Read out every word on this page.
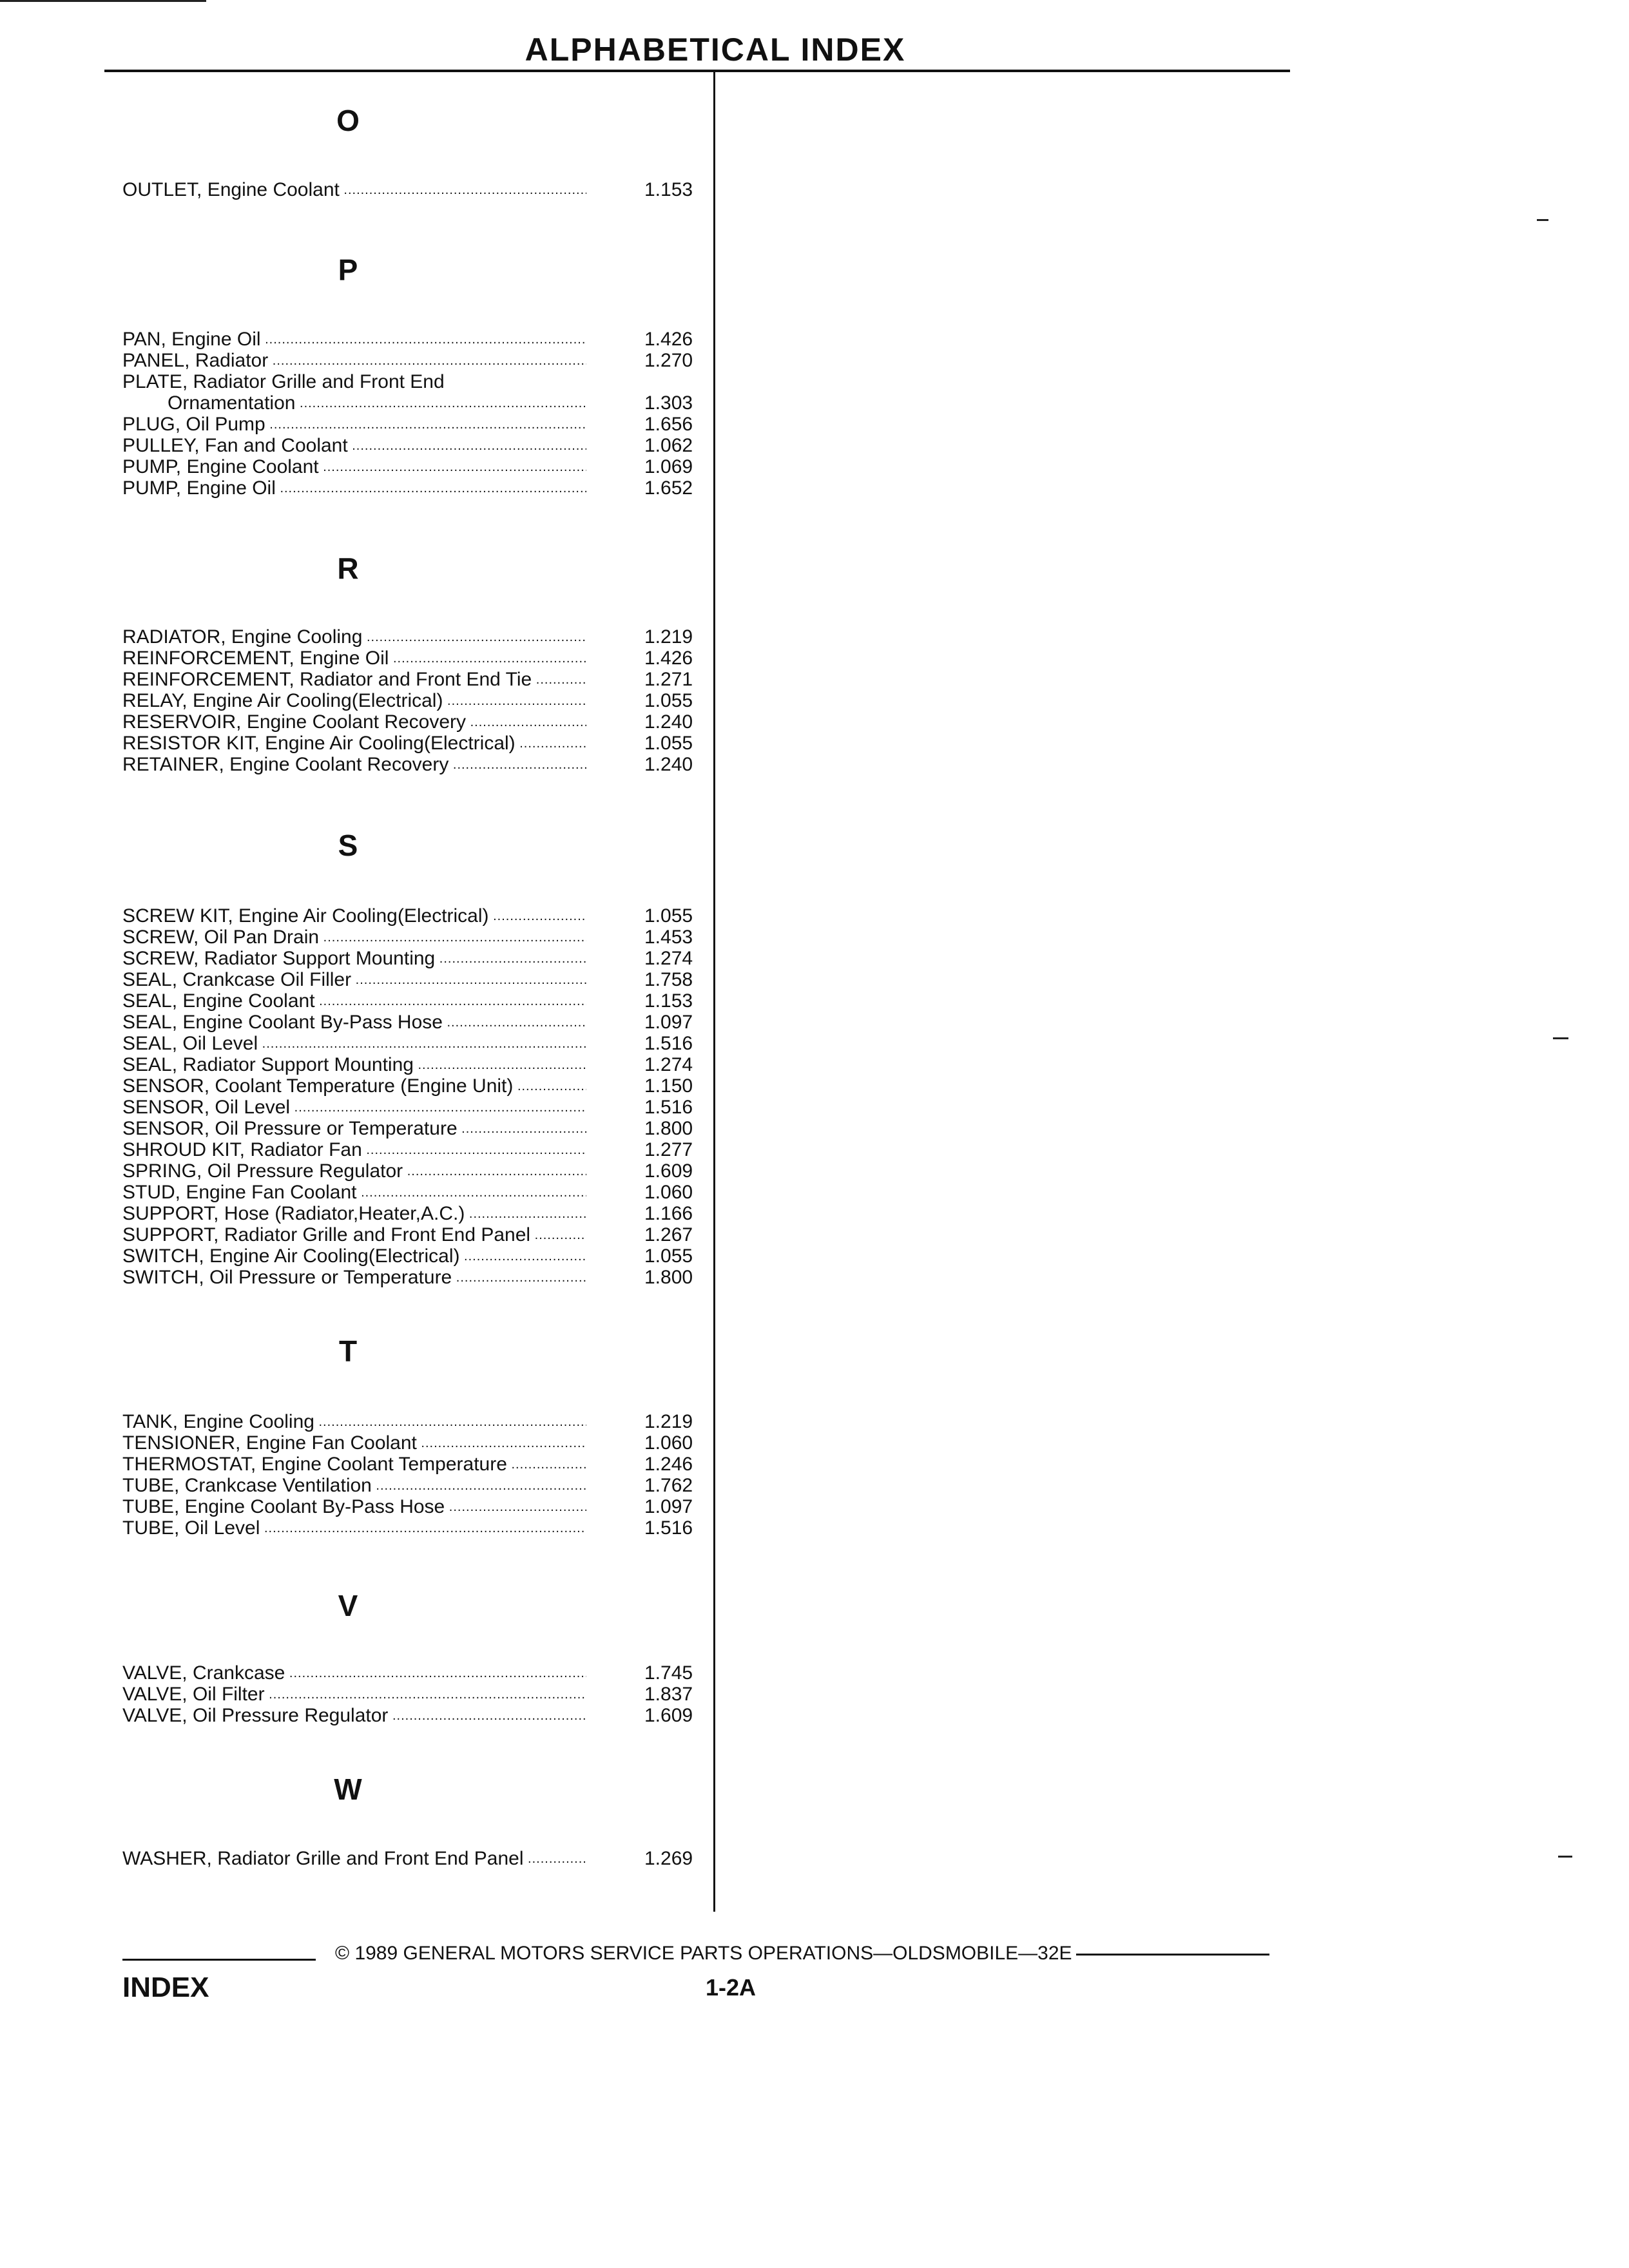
ALPHABETICAL INDEX
O
OUTLET, Engine Coolant .....	1.153
P
PAN, Engine Oil .....	1.426
PANEL, Radiator .....	1.270
PLATE, Radiator Grille and Front End
Ornamentation .....	1.303
PLUG, Oil Pump .....	1.656
PULLEY, Fan and Coolant .....	1.062
PUMP, Engine Coolant .....	1.069
PUMP, Engine Oil .....	1.652
R
RADIATOR, Engine Cooling .....	1.219
REINFORCEMENT, Engine Oil .....	1.426
REINFORCEMENT, Radiator and Front End Tie .....	1.271
RELAY, Engine Air Cooling(Electrical) .....	1.055
RESERVOIR, Engine Coolant Recovery .....	1.240
RESISTOR KIT, Engine Air Cooling(Electrical) .....	1.055
RETAINER, Engine Coolant Recovery .....	1.240
S
SCREW KIT, Engine Air Cooling(Electrical) .....	1.055
SCREW, Oil Pan Drain .....	1.453
SCREW, Radiator Support Mounting .....	1.274
SEAL, Crankcase Oil Filler .....	1.758
SEAL, Engine Coolant .....	1.153
SEAL, Engine Coolant By-Pass Hose .....	1.097
SEAL, Oil Level .....	1.516
SEAL, Radiator Support Mounting .....	1.274
SENSOR, Coolant Temperature (Engine Unit) .....	1.150
SENSOR, Oil Level .....	1.516
SENSOR, Oil Pressure or Temperature .....	1.800
SHROUD KIT, Radiator Fan .....	1.277
SPRING, Oil Pressure Regulator .....	1.609
STUD, Engine Fan Coolant .....	1.060
SUPPORT, Hose (Radiator,Heater,A.C.) .....	1.166
SUPPORT, Radiator Grille and Front End Panel .....	1.267
SWITCH, Engine Air Cooling(Electrical) .....	1.055
SWITCH, Oil Pressure or Temperature .....	1.800
T
TANK, Engine Cooling .....	1.219
TENSIONER, Engine Fan Coolant .....	1.060
THERMOSTAT, Engine Coolant Temperature .....	1.246
TUBE, Crankcase Ventilation .....	1.762
TUBE, Engine Coolant By-Pass Hose .....	1.097
TUBE, Oil Level .....	1.516
V
VALVE, Crankcase .....	1.745
VALVE, Oil Filter .....	1.837
VALVE, Oil Pressure Regulator .....	1.609
W
WASHER, Radiator Grille and Front End Panel .....	1.269
© 1989 GENERAL MOTORS SERVICE PARTS OPERATIONS—OLDSMOBILE—32E
INDEX	1-2A
